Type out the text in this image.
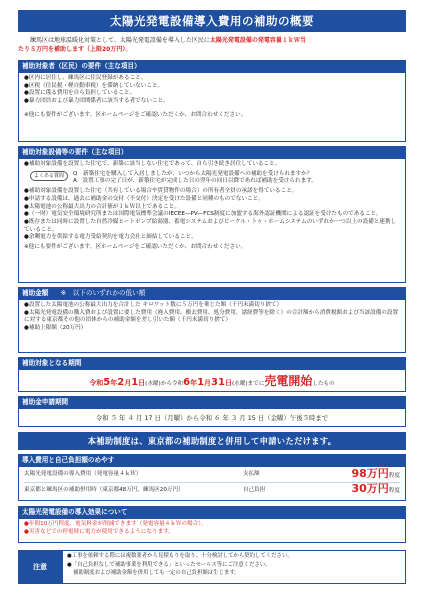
太陽光発電設備導入費用の補助の概要
練馬区は地球温暖化対策として、太陽光発電設備を導入した区民に太陽光発電設備の発電容量１ｋＷ当
たり５万円を補助します（上限20万円）。
補助対象者（区民）の要件（主な項目）
●区内に居住し、練馬区に住民登録があること。
●区税（住民税・軽自動車税）を滞納していないこと。
●設置に係る費用を自ら負担していること。
●暴力団員および暴力団関係者に該当する者でないこと。
※他にも要件がございます。区ホームページをご確認いただくか、お問合わせください。
補助対象設備等の要件（主な項目）
●補助対象設備を設置した住宅で、新築に該当しない住宅であって、自ら引き続き居住していること。
よくある質問	Q　新築住宅を購入して入居しましたが、いつから太陽光発電設備への補助を受けられますか？
A　設置工事の完了日が、新築住宅が完成した日の翌年の同日以降であれば補助を受けられます。
●補助対象設備を設置した住宅（共有している場合や賃貸物件の場合）の所有者全員の承諾を得ていること。
●申請する設備は、過去に補助金の交付（不交付）決定を受けた設備と同種のものでないこと。
●太陽電池の公称最大出力の合計値が１ｋＷ以上であること。
●（一財）電気安全環境研究所または国際電気標準会議のIECEE―PV―FCS制度に加盟する海外認証機関による認証を受けたものであること。
●既存または同時に設置した自然冷媒ヒートポンプ給湯器、蓄電システムおよびビークル・トゥ・ホームシステムのいずれか一つ以上の設備と連携していること。
●余剰電力を供給する電力受給契約を電力会社と締結していること。
※他にも要件がございます。区ホームページをご確認いただくか、お問合わせください。
補助金額 ※　以下のいずれかの低い額
●設置した太陽電池の公称最大出力を合計した キロワット数に５万円を乗じた額（千円未満切り捨て）
●太陽光発電設備の購入費および設置に要した費用（廃入費用、搬去費用、処分費用、諸経費等を除く）の合計額から消費税額および当該設備の設置に対する東京都その他の団体からの補助金額を差し引いた額（千円未満切り捨て）
●補助上限額（20万円）
補助対象となる期間
令和5年2月1日(水曜)から令和6年1月31日(水曜)までに売電開始したもの
補助金申請期間
令和 ５ 年 ４ 月 17 日（月曜）から令和 ６ 年 ３ 月 15 日（金曜）午後５時まで
本補助制度は、東京都の補助制度と併用して申請いただけます。
導入費用と自己負担額のめやす
太陽光発電設備の導入費用（発電容量４ｋＷ）	支払額	98万円程度
東京都と練馬区の補助併用時（東京都48万円、練馬区20万円）	自己負担	30万円程度
太陽光発電設備の導入効果について
●年間10万円程度、電気料金が削減できます（発電容量４ｋＷの場合）。
●災害などでの停電時に電力が使用できるようになります。
注意
●工事を依頼する際には複数業者から見積もりを取り、十分検討してから契約してください。
●「自己負担なしで補助事業を利用できる」といったセールス等にご注意ください。
補助制度および補助金額を併用しても一定の自己負担額は生じます。
